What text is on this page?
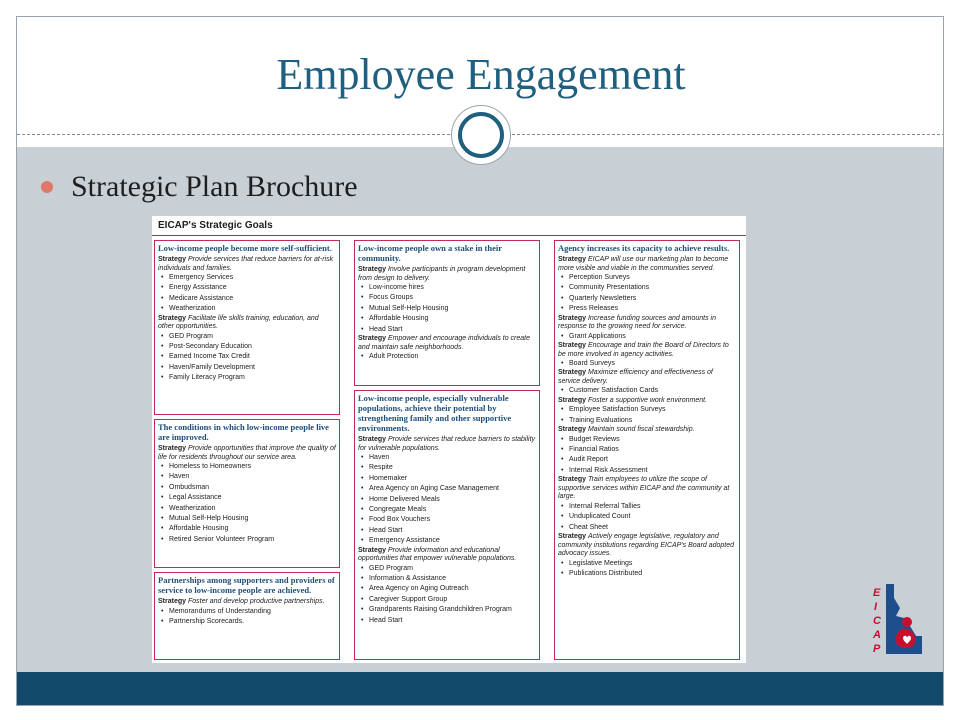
Employee Engagement
Strategic Plan Brochure
EICAP's Strategic Goals
Low-income people become more self-sufficient.
Strategy Provide services that reduce barriers for at-risk individuals and families.
• Emergency Services
• Energy Assistance
• Medicare Assistance
• Weatherization
Strategy Facilitate life skills training, education, and other opportunities.
• GED Program
• Post-Secondary Education
• Earned Income Tax Credit
• Haven/Family Development
• Family Literacy Program
The conditions in which low-income people live are improved.
Strategy Provide opportunities that improve the quality of life for residents throughout our service area.
• Homeless to Homeowners
• Haven
• Ombudsman
• Legal Assistance
• Weatherization
• Mutual Self-Help Housing
• Affordable Housing
• Retired Senior Volunteer Program
Partnerships among supporters and providers of service to low-income people are achieved.
Strategy Foster and develop productive partnerships.
• Memorandums of Understanding
• Partnership Scorecards.
Low-income people own a stake in their community.
Strategy Involve participants in program development from design to delivery.
• Low-income hires
• Focus Groups
• Mutual Self-Help Housing
• Affordable Housing
• Head Start
Strategy Empower and encourage individuals to create and maintain safe neighborhoods.
• Adult Protection
Low-income people, especially vulnerable populations, achieve their potential by strengthening family and other supportive environments.
Strategy Provide services that reduce barriers to stability for vulnerable populations.
• Haven
• Respite
• Homemaker
• Area Agency on Aging Case Management
• Home Delivered Meals
• Congregate Meals
• Food Box Vouchers
• Head Start
• Emergency Assistance
Strategy Provide information and educational opportunities that empower vulnerable populations.
• GED Program
• Information & Assistance
• Area Agency on Aging Outreach
• Caregiver Support Group
• Grandparents Raising Grandchildren Program
• Head Start
Agency increases its capacity to achieve results.
Strategy EICAP will use our marketing plan to become more visible and viable in the communities served.
• Perception Surveys
• Community Presentations
• Quarterly Newsletters
• Press Releases
Strategy Increase funding sources and amounts in response to the growing need for service.
• Grant Applications
Strategy Encourage and train the Board of Directors to be more involved in agency activities.
• Board Surveys
Strategy Maximize efficiency and effectiveness of service delivery.
• Customer Satisfaction Cards
Strategy Foster a supportive work environment.
• Employee Satisfaction Surveys
• Training Evaluations
Strategy Maintain sound fiscal stewardship.
• Budget Reviews
• Financial Ratios
• Audit Report
• Internal Risk Assessment
Strategy Train employees to utilize the scope of supportive services within EICAP and the community at large.
• Internal Referral Tallies
• Unduplicated Count
• Cheat Sheet
Strategy Actively engage legislative, regulatory and community institutions regarding EICAP's Board adopted advocacy issues.
• Legislative Meetings
• Publications Distributed
E
I
C
A
P
